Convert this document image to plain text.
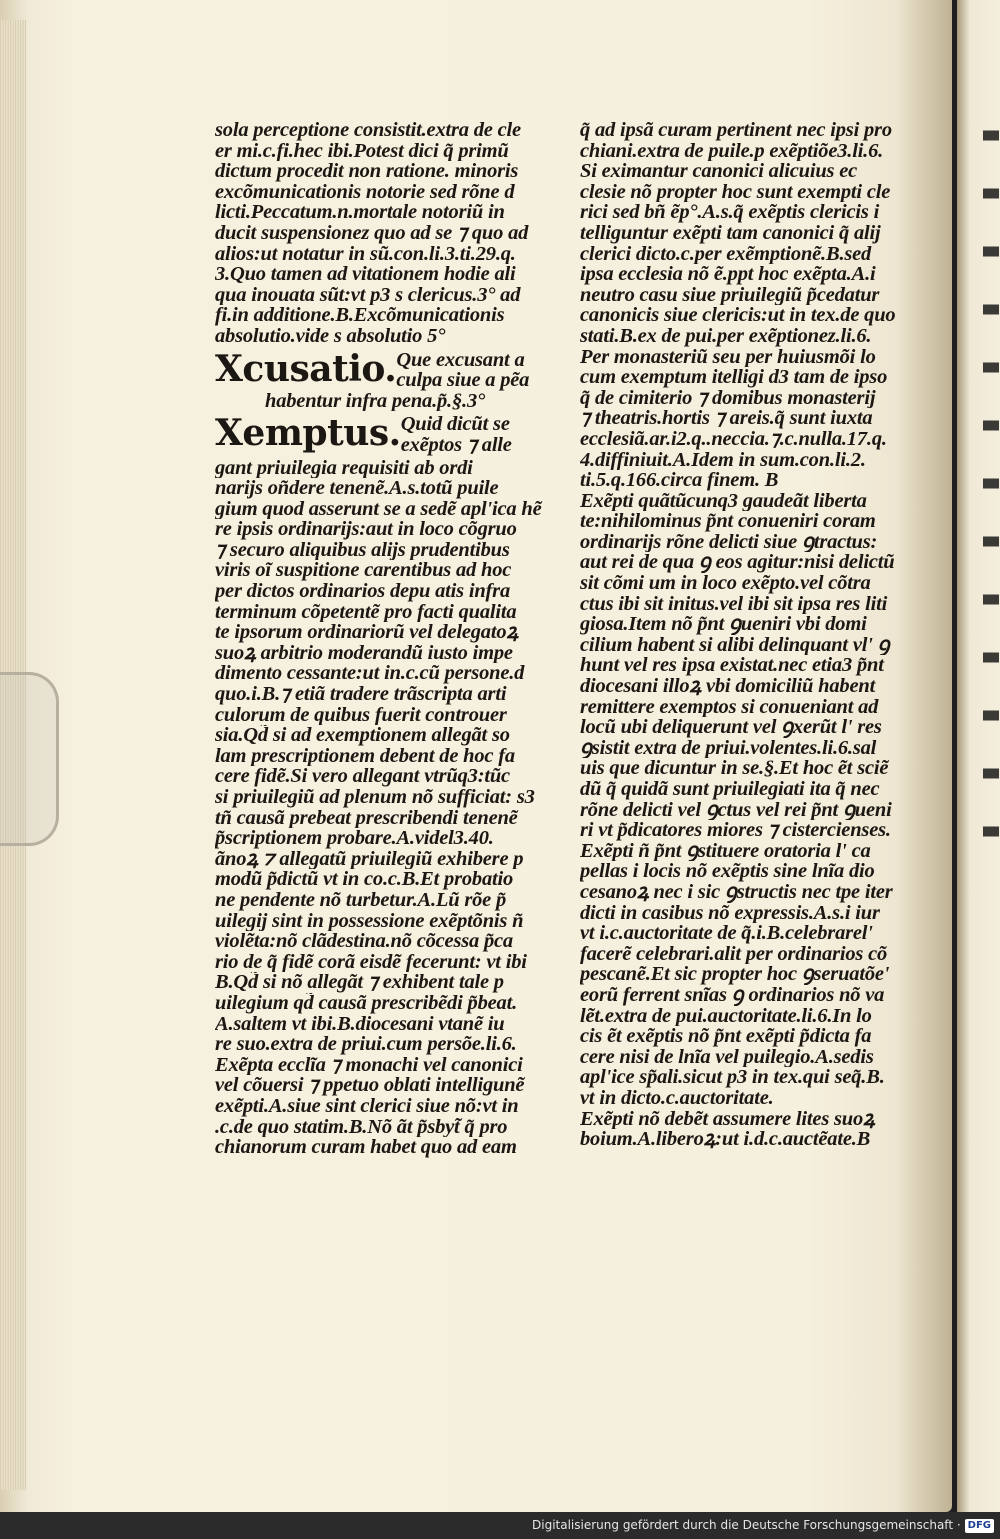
sola perceptione consistit.extra de cle
er mi.c.fi.hec ibi.Potest dici q̃ primũ
dictum procedit non ratione. minoris
excõmunicationis notorie sed rõne d
licti.Peccatum.n.mortale notoriũ in
ducit suspensionez quo ad se ⁊ quo ad
alios:ut notatur in sũ.con.li.3.ti.29.q.
3.Quo tamen ad vitationem hodie ali
qua inouata sũt:vt p3 s clericus.3° ad
fi.in additione.B.Excõmunicationis
absolutio.vide s absolutio 5°
Xcusatio. Que excusant a
culpa siue a pẽa
habentur infra pena.p̃.§.3°
Xemptus. Quid dicũt se
exẽptos ⁊ alle
gant priuilegia requisiti ab ordi
narijs oñdere tenenẽ.A.s.totũ puile
gium quod asserunt se a sedẽ apl'ica hẽ
re ipsis ordinarijs:aut in loco cõgruo
⁊ securo aliquibus alijs prudentibus
viris oĩ suspitione carentibus ad hoc
per dictos ordinarios depu atis infra
terminum cõpetentẽ pro facti qualita
te ipsorum ordinariorũ vel delegatoꝝ
suoꝝ arbitrio moderandũ iusto impe
dimento cessante:ut in.c.cũ persone.d
quo.i.B.⁊ etiã tradere trãscripta arti
culorum de quibus fuerit controuer
sia.Qd̃ si ad exemptionem allegãt so
lam prescriptionem debent de hoc fa
cere fidẽ.Si vero allegant vtrũq3:tũc
si priuilegiũ ad plenum nõ sufficiat: s3
tñ causã prebeat prescribendi tenenẽ
p̃scriptionem probare.A.videl3.40.
ãnoꝝ ⁊ allegatũ priuilegiũ exhibere p
modũ p̃dictũ vt in co.c.B.Et probatio
ne pendente nõ turbetur.A.Lũ rõe p̃
uilegij sint in possessione exẽptõnis ñ
violẽta:nõ clãdestina.nõ cõcessa p̃ca
rio de q̃ fidẽ corã eisdẽ fecerunt: vt ibi
B.Qd̃ si nõ allegãt ⁊ exhibent tale p
uilegium qd̃ causã prescribẽdi p̃beat.
A.saltem vt ibi.B.diocesani vtanẽ iu
re suo.extra de priui.cum persõe.li.6.
Exẽpta ecclĩa ⁊ monachi vel canonici
vel cõuersi ⁊ ppetuo oblati intelligunẽ
exẽpti.A.siue sint clerici siue nõ:vt in
.c.de quo statim.B.Nõ ãt p̃sbyt̃ q̃ pro
chianorum curam habet quo ad eam
q̃ ad ipsã curam pertinent nec ipsi pro
chiani.extra de puile.p exẽptiõe3.li.6.
Si eximantur canonici alicuius ec
clesie nõ propter hoc sunt exempti cle
rici sed bñ ẽp°.A.s.q̃ exẽptis clericis i
telliguntur exẽpti tam canonici q̃ alij
clerici dicto.c.per exẽmptionẽ.B.sed
ipsa ecclesia nõ ẽ.ppt hoc exẽpta.A.i
neutro casu siue priuilegiũ p̃cedatur
canonicis siue clericis:ut in tex.de quo
stati.B.ex de pui.per exẽptionez.li.6.
Per monasteriũ seu per huiusmõi lo
cum exemptum itelligi d3 tam de ipso
q̃ de cimiterio ⁊ domibus monasterij
⁊ theatris.hortis ⁊ areis.q̃ sunt iuxta
ecclesiã.ar.i2.q..neccia.⁊.c.nulla.17.q.
4.diffiniuit.A.Idem in sum.con.li.2.
ti.5.q.166.circa finem. B
Exẽpti quãtũcunq3 gaudeãt liberta
te:nihilominus p̃nt conueniri coram
ordinarijs rõne delicti siue ꝯtractus:
aut rei de qua ꝯ eos agitur:nisi delictũ
sit cõmi um in loco exẽpto.vel cõtra
ctus ibi sit initus.vel ibi sit ipsa res liti
giosa.Item nõ p̃nt ꝯueniri vbi domi
cilium habent si alibi delinquant vl' ꝯ
hunt vel res ipsa existat.nec etia3 p̃nt
diocesani illoꝝ vbi domiciliũ habent
remittere exemptos si conueniant ad
locũ ubi deliquerunt vel ꝯxerũt l' res
ꝯsistit extra de priui.volentes.li.6.sal
uis que dicuntur in se.§.Et hoc ẽt sciẽ
dũ q̃ quidã sunt priuilegiati ita q̃ nec
rõne delicti vel ꝯctus vel rei p̃nt ꝯueni
ri vt p̃dicatores miores ⁊ cistercienses.
Exẽpti ñ p̃nt ꝯstituere oratoria l' ca
pellas i locis nõ exẽptis sine lnĩa dio
cesanoꝝ nec i sic ꝯstructis nec tpe iter
dicti in casibus nõ expressis.A.s.i iur
vt i.c.auctoritate de q̃.i.B.celebrarel'
facerẽ celebrari.alit per ordinarios cõ
pescanẽ.Et sic propter hoc ꝯseruatõe'
eorũ ferrent snĩas ꝯ ordinarios nõ va
lẽt.extra de pui.auctoritate.li.6.In lo
cis ẽt exẽptis nõ p̃nt exẽpti p̃dicta fa
cere nisi de lnĩa vel puilegio.A.sedis
apl'ice sp̃ali.sicut p3 in tex.qui seq̃.B.
vt in dicto.c.auctoritate.
Exẽpti nõ debẽt assumere lites suoꝝ
boium.A.liberoꝝ:ut i.d.c.auctẽate.B
Digitalisierung gefördert durch die Deutsche Forschungsgemeinschaft · DFG
